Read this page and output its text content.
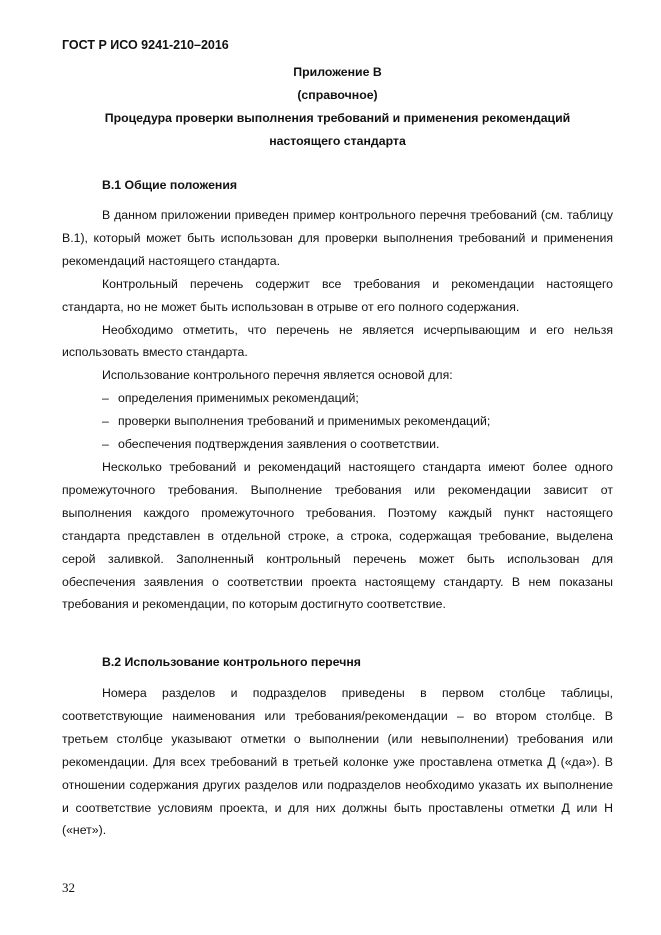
ГОСТ Р ИСО 9241-210–2016
Приложение В
(справочное)
Процедура проверки выполнения требований и применения рекомендаций
настоящего стандарта
В.1 Общие положения

В данном приложении приведен пример контрольного перечня требований (см. таблицу В.1), который может быть использован для проверки выполнения требований и применения рекомендаций настоящего стандарта.

Контрольный перечень содержит все требования и рекомендации настоящего стандарта, но не может быть использован в отрыве от его полного содержания.

Необходимо отметить, что перечень не является исчерпывающим и его нельзя использовать вместо стандарта.

Использование контрольного перечня является основой для:

– определения применимых рекомендаций;
– проверки выполнения требований и применимых рекомендаций;
– обеспечения подтверждения заявления о соответствии.

Несколько требований и рекомендаций настоящего стандарта имеют более одного промежуточного требования. Выполнение требования или рекомендации зависит от выполнения каждого промежуточного требования. Поэтому каждый пункт настоящего стандарта представлен в отдельной строке, а строка, содержащая требование, выделена серой заливкой. Заполненный контрольный перечень может быть использован для обеспечения заявления о соответствии проекта настоящему стандарту. В нем показаны требования и рекомендации, по которым достигнуто соответствие.

В.2 Использование контрольного перечня

Номера разделов и подразделов приведены в первом столбце таблицы, соответствующие наименования или требования/рекомендации – во втором столбце. В третьем столбце указывают отметки о выполнении (или невыполнении) требования или рекомендации. Для всех требований в третьей колонке уже проставлена отметка Д («да»). В отношении содержания других разделов или подразделов необходимо указать их выполнение и соответствие условиям проекта, и для них должны быть проставлены отметки Д или Н («нет»).

32
